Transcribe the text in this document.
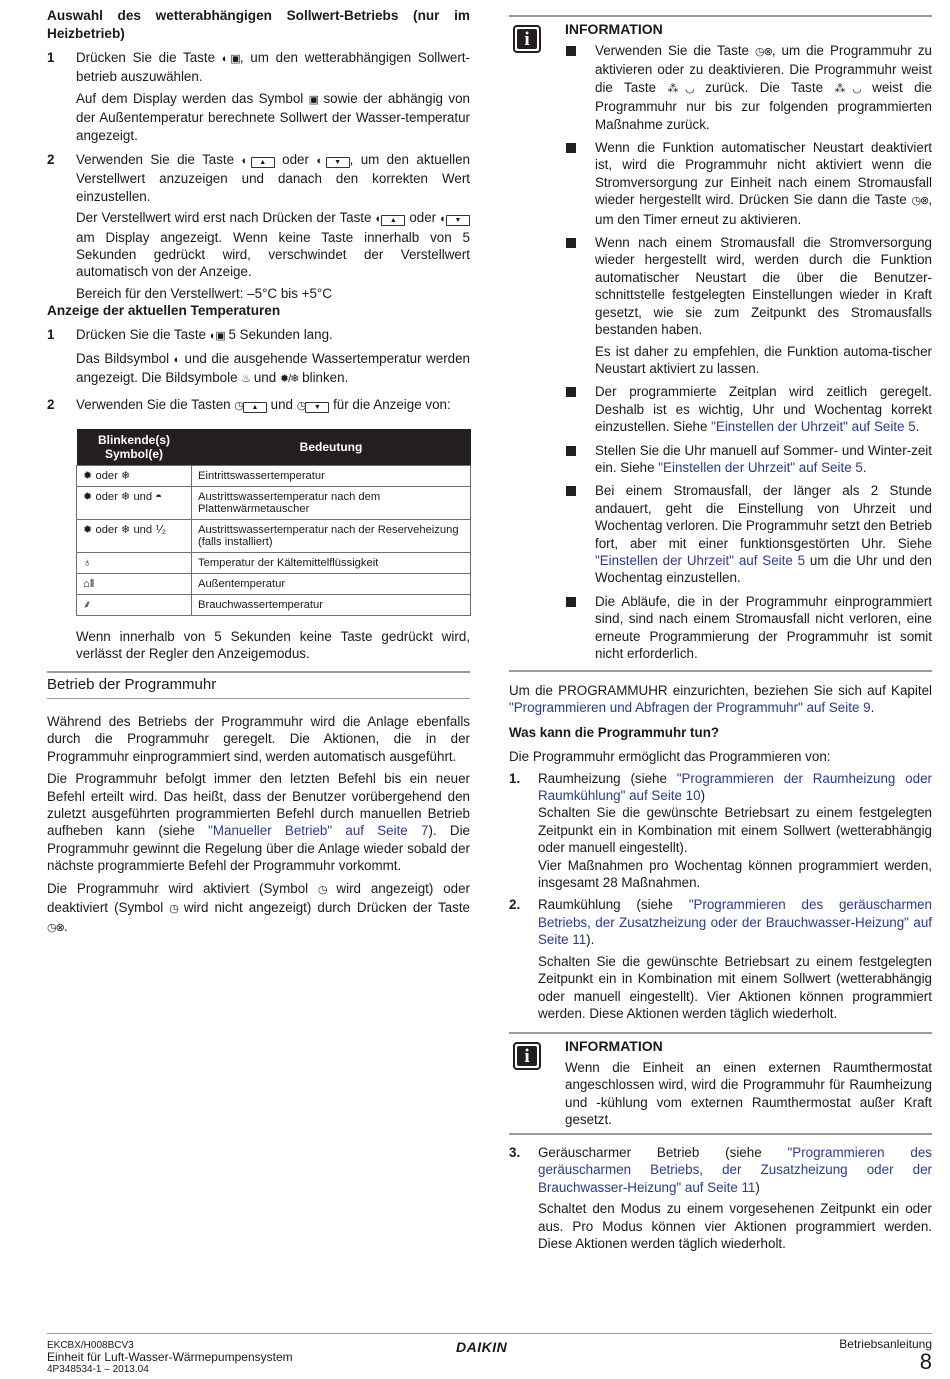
Auswahl des wetterabhängigen Sollwert-Betriebs (nur im Heizbetrieb)

1 Drücken Sie die Taste ◐▣, um den wetterabhängigen Sollwert-betrieb auszuwählen.

Auf dem Display werden das Symbol ▣ sowie der abhängig von der Außentemperatur berechnete Sollwert der Wasser-temperatur angezeigt.

2 Verwenden Sie die Taste ◐ ▲ oder ◐ ▼ , um den aktuellen Verstellwert anzuzeigen und danach den korrekten Wert einzustellen.

Der Verstellwert wird erst nach Drücken der Taste ◐ ▲ oder ◐ ▼ am Display angezeigt. Wenn keine Taste innerhalb von 5 Sekunden gedrückt wird, verschwindet der Verstellwert automatisch von der Anzeige.

Bereich für den Verstellwert: –5°C bis +5°C

Anzeige der aktuellen Temperaturen

1 Drücken Sie die Taste ◐▣ 5 Sekunden lang.

Das Bildsymbol ◐ und die ausgehende Wassertemperatur werden angezeigt. Die Bildsymbole ♨ und ✹/❄ blinken.

2 Verwenden Sie die Tasten ◷ ▲ und ◷ ▼ für die Anzeige von:

Blinkende(s) Symbol(e)	Bedeutung
✹ oder ❄	Eintrittswassertemperatur
✹ oder ❄ und ◓	Austrittswassertemperatur nach dem Plattenwärmetauscher
✹ oder ❄ und ⅟₂	Austrittswassertemperatur nach der Reserveheizung (falls installiert)
♁	Temperatur der Kältemittelflüssigkeit
⌂ǁ	Außentemperatur
⸙	Brauchwassertemperatur

Wenn innerhalb von 5 Sekunden keine Taste gedrückt wird, verlässt der Regler den Anzeigemodus.

Betrieb der Programmuhr

Während des Betriebs der Programmuhr wird die Anlage ebenfalls durch die Programmuhr geregelt. Die Aktionen, die in der Programmuhr einprogrammiert sind, werden automatisch ausgeführt.

Die Programmuhr befolgt immer den letzten Befehl bis ein neuer Befehl erteilt wird. Das heißt, dass der Benutzer vorübergehend den zuletzt ausgeführten programmierten Befehl durch manuellen Betrieb aufheben kann (siehe "Manueller Betrieb" auf Seite 7). Die Programmuhr gewinnt die Regelung über die Anlage wieder sobald der nächste programmierte Befehl der Programmuhr vorkommt.

Die Programmuhr wird aktiviert (Symbol ◷ wird angezeigt) oder deaktiviert (Symbol ◷ wird nicht angezeigt) durch Drücken der Taste ◷⊗.

i	INFORMATION

Verwenden Sie die Taste ◷⊗, um die Programmuhr zu aktivieren oder zu deaktivieren. Die Programmuhr weist die Taste ⁂◡ zurück. Die Taste ⁂◡ weist die Programmuhr nur bis zur folgenden programmierten Maßnahme zurück.

Wenn die Funktion automatischer Neustart deaktiviert ist, wird die Programmuhr nicht aktiviert wenn die Stromversorgung zur Einheit nach einem Stromausfall wieder hergestellt wird. Drücken Sie dann die Taste ◷⊗, um den Timer erneut zu aktivieren.

Wenn nach einem Stromausfall die Stromversorgung wieder hergestellt wird, werden durch die Funktion automatischer Neustart die über die Benutzer-schnittstelle festgelegten Einstellungen wieder in Kraft gesetzt, wie sie zum Zeitpunkt des Stromausfalls bestanden haben.

Es ist daher zu empfehlen, die Funktion automa-tischer Neustart aktiviert zu lassen.

Der programmierte Zeitplan wird zeitlich geregelt. Deshalb ist es wichtig, Uhr und Wochentag korrekt einzustellen. Siehe "Einstellen der Uhrzeit" auf Seite 5.

Stellen Sie die Uhr manuell auf Sommer- und Winter-zeit ein. Siehe "Einstellen der Uhrzeit" auf Seite 5.

Bei einem Stromausfall, der länger als 2 Stunde andauert, geht die Einstellung von Uhrzeit und Wochentag verloren. Die Programmuhr setzt den Betrieb fort, aber mit einer funktionsgestörten Uhr. Siehe "Einstellen der Uhrzeit" auf Seite 5 um die Uhr und den Wochentag einzustellen.

Die Abläufe, die in der Programmuhr einprogrammiert sind, sind nach einem Stromausfall nicht verloren, eine erneute Programmierung der Programmuhr ist somit nicht erforderlich.

Um die PROGRAMMUHR einzurichten, beziehen Sie sich auf Kapitel "Programmieren und Abfragen der Programmuhr" auf Seite 9.

Was kann die Programmuhr tun?

Die Programmuhr ermöglicht das Programmieren von:

1. Raumheizung (siehe "Programmieren der Raumheizung oder Raumkühlung" auf Seite 10)

Schalten Sie die gewünschte Betriebsart zu einem festgelegten Zeitpunkt ein in Kombination mit einem Sollwert (wetterabhängig oder manuell eingestellt).

Vier Maßnahmen pro Wochentag können programmiert werden, insgesamt 28 Maßnahmen.

2. Raumkühlung (siehe "Programmieren des geräuscharmen Betriebs, der Zusatzheizung oder der Brauchwasser-Heizung" auf Seite 11).

Schalten Sie die gewünschte Betriebsart zu einem festgelegten Zeitpunkt ein in Kombination mit einem Sollwert (wetterabhängig oder manuell eingestellt). Vier Aktionen können programmiert werden. Diese Aktionen werden täglich wiederholt.

i	INFORMATION

Wenn die Einheit an einen externen Raumthermostat angeschlossen wird, wird die Programmuhr für Raumheizung und -kühlung vom externen Raumthermostat außer Kraft gesetzt.

3. Geräuscharmer Betrieb (siehe "Programmieren des geräuscharmen Betriebs, der Zusatzheizung oder der Brauchwasser-Heizung" auf Seite 11)

Schaltet den Modus zu einem vorgesehenen Zeitpunkt ein oder aus. Pro Modus können vier Aktionen programmiert werden. Diese Aktionen werden täglich wiederholt.

EKCBX/H008BCV3
Einheit für Luft-Wasser-Wärmepumpensystem
4P348534-1 – 2013.04
DAIKIN	Betriebsanleitung
8
